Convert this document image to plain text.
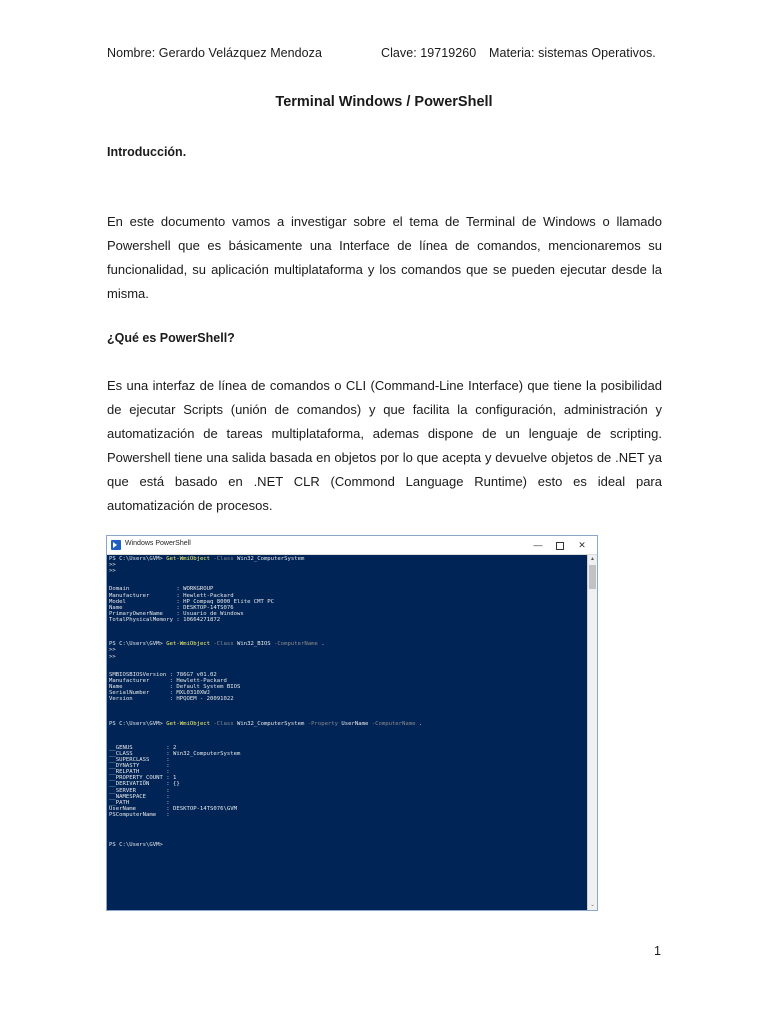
Nombre: Gerardo Velázquez Mendoza	Clave: 19719260 Materia: sistemas Operativos.
Terminal Windows / PowerShell
Introducción.

En este documento vamos a investigar sobre el tema de Terminal de Windows o llamado Powershell que es básicamente una Interface de línea de comandos, mencionaremos su funcionalidad, su aplicación multiplataforma y los comandos que se pueden ejecutar desde la misma.

¿Qué es PowerShell?

Es una interfaz de línea de comandos o CLI (Command-Line Interface) que tiene la posibilidad de ejecutar Scripts (unión de comandos) y que facilita la configuración, administración y automatización de tareas multiplataforma, ademas dispone de un lenguaje de scripting. Powershell tiene una salida basada en objetos por lo que acepta y devuelve objetos de .NET ya que está basado en .NET CLR (Commond Language Runtime) esto es ideal para automatización de procesos.

Windows PowerShell	—	✕
PS C:\Users\GVM> Get-WmiObject -Class Win32_ComputerSystem
>>
>>
Domain              : WORKGROUP
Manufacturer        : Hewlett-Packard
Model               : HP Compaq 8000 Elite CMT PC
Name                : DESKTOP-14TS076
PrimaryOwnerName    : Usuario de Windows
TotalPhysicalMemory : 10664271872
PS C:\Users\GVM> Get-WmiObject -Class Win32_BIOS -ComputerName .
>>
>>
SMBIOSBIOSVersion : 786G7 v01.02
Manufacturer      : Hewlett-Packard
Name              : Default System BIOS
SerialNumber      : MXL0310XWJ
Version           : HPQOEM - 20091022
PS C:\Users\GVM> Get-WmiObject -Class Win32_ComputerSystem -Property UserName -ComputerName .
__GENUS          : 2
__CLASS          : Win32_ComputerSystem
__SUPERCLASS     :
__DYNASTY        :
__RELPATH        :
__PROPERTY_COUNT : 1
__DERIVATION     : {}
__SERVER         :
__NAMESPACE      :
__PATH           :
UserName         : DESKTOP-14TS076\GVM
PSComputerName   :
PS C:\Users\GVM>
▲
⌄
1
